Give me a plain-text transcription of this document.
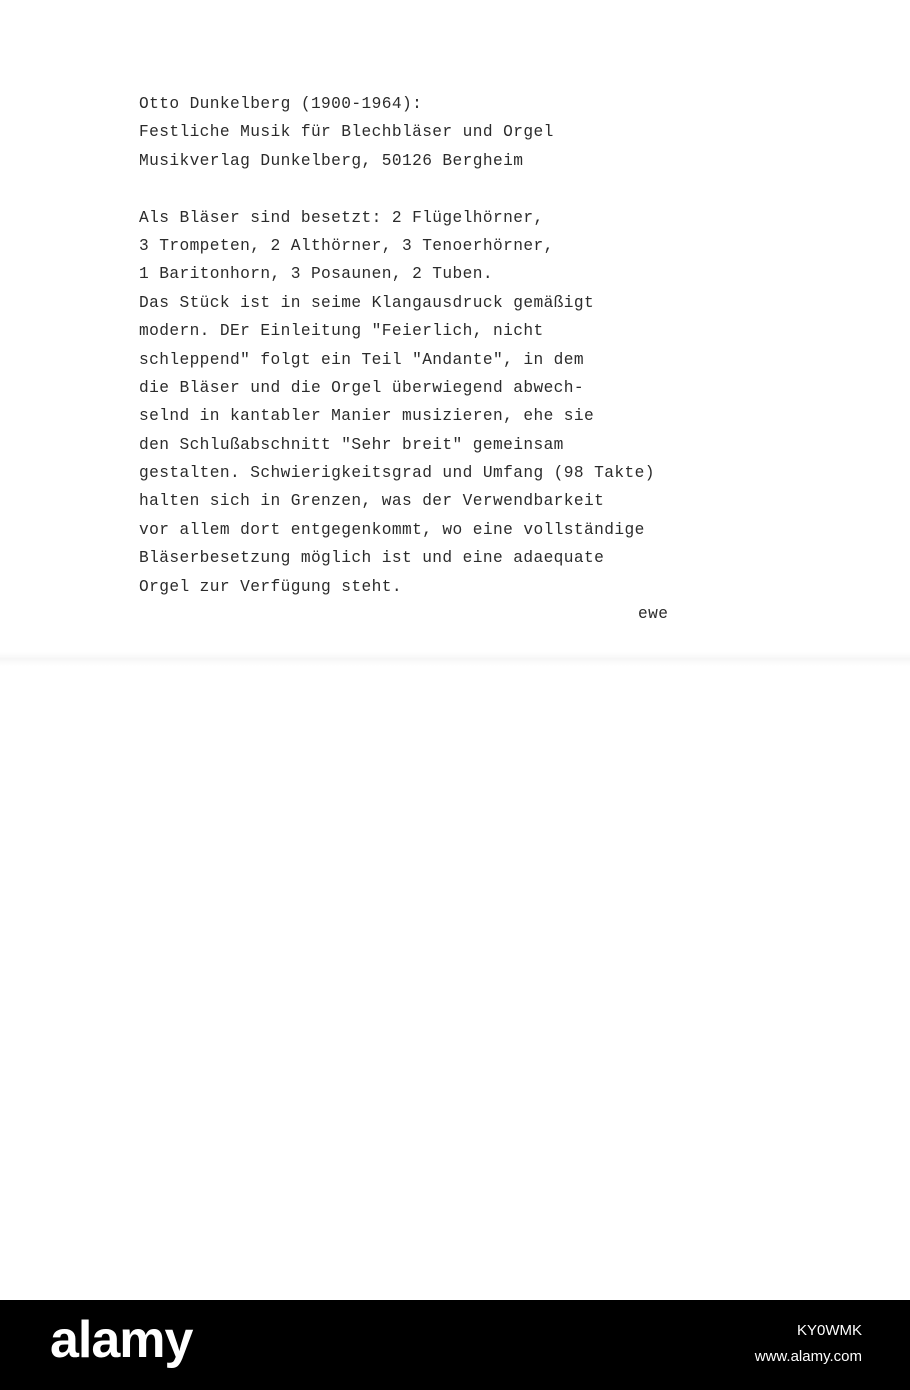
Otto Dunkelberg (1900-1964):
Festliche Musik für Blechbläser und Orgel
Musikverlag Dunkelberg, 50126 Bergheim
Als Bläser sind besetzt: 2 Flügelhörner,
3 Trompeten, 2 Althörner, 3 Tenoerhörner,
1 Baritonhorn, 3 Posaunen, 2 Tuben.
Das Stück ist in seime Klangausdruck gemäßigt
modern. DEr Einleitung "Feierlich, nicht
schleppend" folgt ein Teil "Andante", in dem
die Bläser und die Orgel überwiegend abwech-
selnd in kantabler Manier musizieren, ehe sie
den Schlußabschnitt "Sehr breit" gemeinsam
gestalten. Schwierigkeitsgrad und Umfang (98 Takte)
halten sich in Grenzen, was der Verwendbarkeit
vor allem dort entgegenkommt, wo eine vollständige
Bläserbesetzung möglich ist und eine adaequate
Orgel zur Verfügung steht.
ewe
alamy	KY0WMK
www.alamy.com
